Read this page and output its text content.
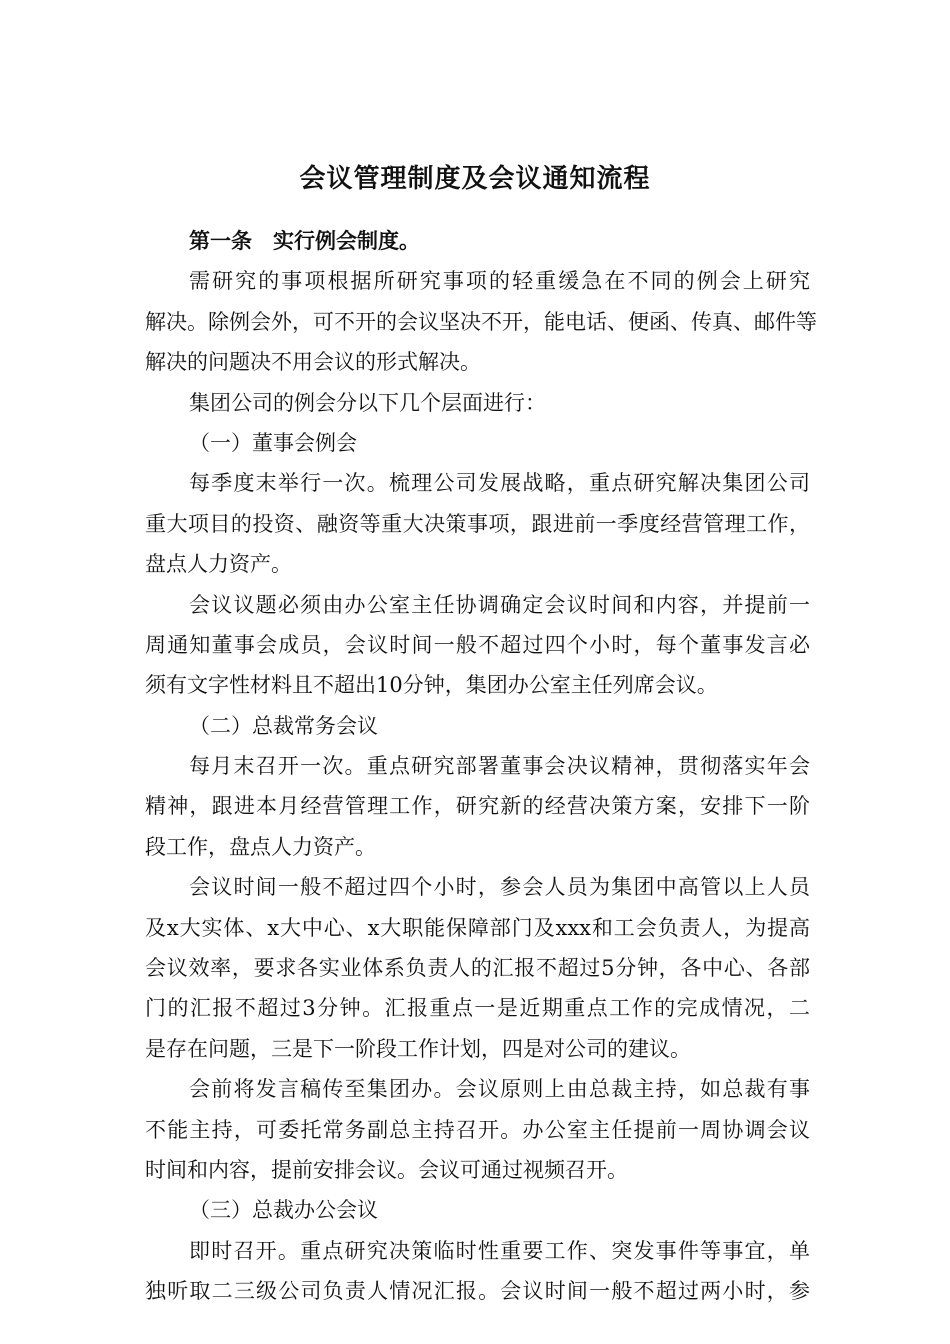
会议管理制度及会议通知流程
第一条　实行例会制度。
需研究的事项根据所研究事项的轻重缓急在不同的例会上研究
解决。除例会外，可不开的会议坚决不开，能电话、便函、传真、邮件等
解决的问题决不用会议的形式解决。
集团公司的例会分以下几个层面进行：
（一）董事会例会
每季度末举行一次。梳理公司发展战略，重点研究解决集团公司
重大项目的投资、融资等重大决策事项，跟进前一季度经营管理工作，
盘点人力资产。
会议议题必须由办公室主任协调确定会议时间和内容，并提前一
周通知董事会成员，会议时间一般不超过四个小时，每个董事发言必
须有文字性材料且不超出10分钟，集团办公室主任列席会议。
（二）总裁常务会议
每月末召开一次。重点研究部署董事会决议精神，贯彻落实年会
精神，跟进本月经营管理工作，研究新的经营决策方案，安排下一阶
段工作，盘点人力资产。
会议时间一般不超过四个小时，参会人员为集团中高管以上人员
及x大实体、x大中心、x大职能保障部门及xxx和工会负责人，为提高
会议效率，要求各实业体系负责人的汇报不超过5分钟，各中心、各部
门的汇报不超过3分钟。汇报重点一是近期重点工作的完成情况，二
是存在问题，三是下一阶段工作计划，四是对公司的建议。
会前将发言稿传至集团办。会议原则上由总裁主持，如总裁有事
不能主持，可委托常务副总主持召开。办公室主任提前一周协调会议
时间和内容，提前安排会议。会议可通过视频召开。
（三）总裁办公会议
即时召开。重点研究决策临时性重要工作、突发事件等事宜，单
独听取二三级公司负责人情况汇报。会议时间一般不超过两小时，参
